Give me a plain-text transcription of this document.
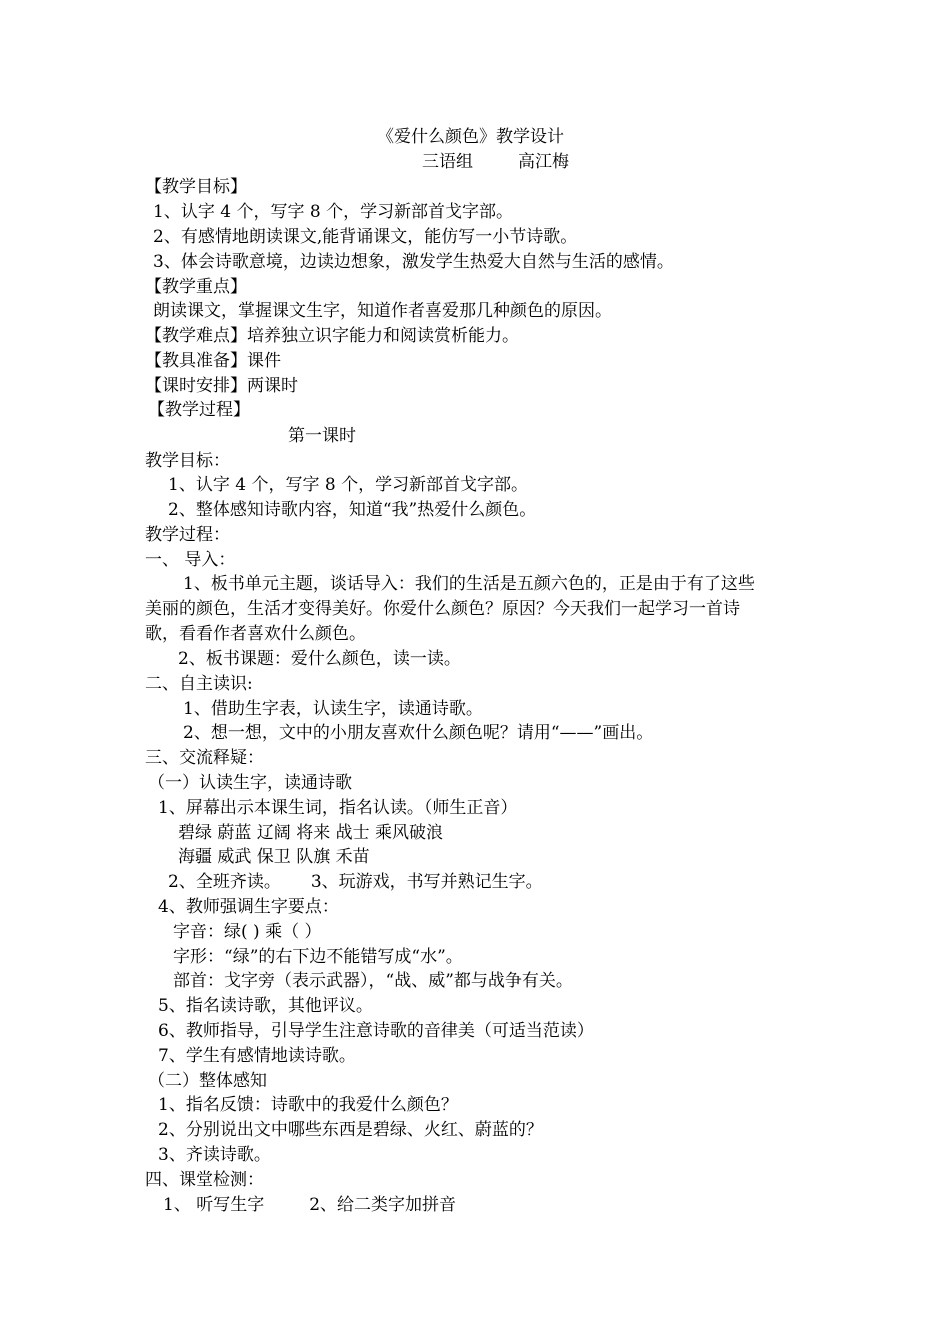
《爱什么颜色》教学设计
三语组	高江梅
【教学目标】
1、认字 4 个，写字 8 个，学习新部首戈字部。
2、有感情地朗读课文,能背诵课文，能仿写一小节诗歌。
3、体会诗歌意境，边读边想象，激发学生热爱大自然与生活的感情。
【教学重点】
朗读课文，掌握课文生字，知道作者喜爱那几种颜色的原因。
【教学难点】培养独立识字能力和阅读赏析能力。
【教具准备】课件
【课时安排】两课时
【教学过程】
第一课时
教学目标：
1、认字 4 个，写字 8 个，学习新部首戈字部。
2、整体感知诗歌内容，知道“我”热爱什么颜色。
教学过程：
一、 导入：
1、板书单元主题，谈话导入：我们的生活是五颜六色的，正是由于有了这些
美丽的颜色，生活才变得美好。你爱什么颜色？原因？今天我们一起学习一首诗
歌，看看作者喜欢什么颜色。
2、板书课题：爱什么颜色，读一读。
二、自主读识:
1、借助生字表，认读生字，读通诗歌。
2、想一想，文中的小朋友喜欢什么颜色呢？请用“——”画出。
三、交流释疑：
（一）认读生字，读通诗歌
1、屏幕出示本课生词，指名认读。（师生正音）
碧绿 蔚蓝 辽阔 将来 战士 乘风破浪
海疆 威武 保卫 队旗 禾苗
2、全班齐读。 3、玩游戏，书写并熟记生字。
4、教师强调生字要点：
字音：绿( ) 乘（ ）
字形：“绿”的右下边不能错写成“水”。
部首：戈字旁（表示武器），“战、威”都与战争有关。
5、指名读诗歌，其他评议。
6、教师指导，引导学生注意诗歌的音律美（可适当范读）
7、学生有感情地读诗歌。
（二）整体感知
1、指名反馈：诗歌中的我爱什么颜色？
2、分别说出文中哪些东西是碧绿、火红、蔚蓝的？
3、齐读诗歌。
四、课堂检测：
1、 听写生字	2、给二类字加拼音
